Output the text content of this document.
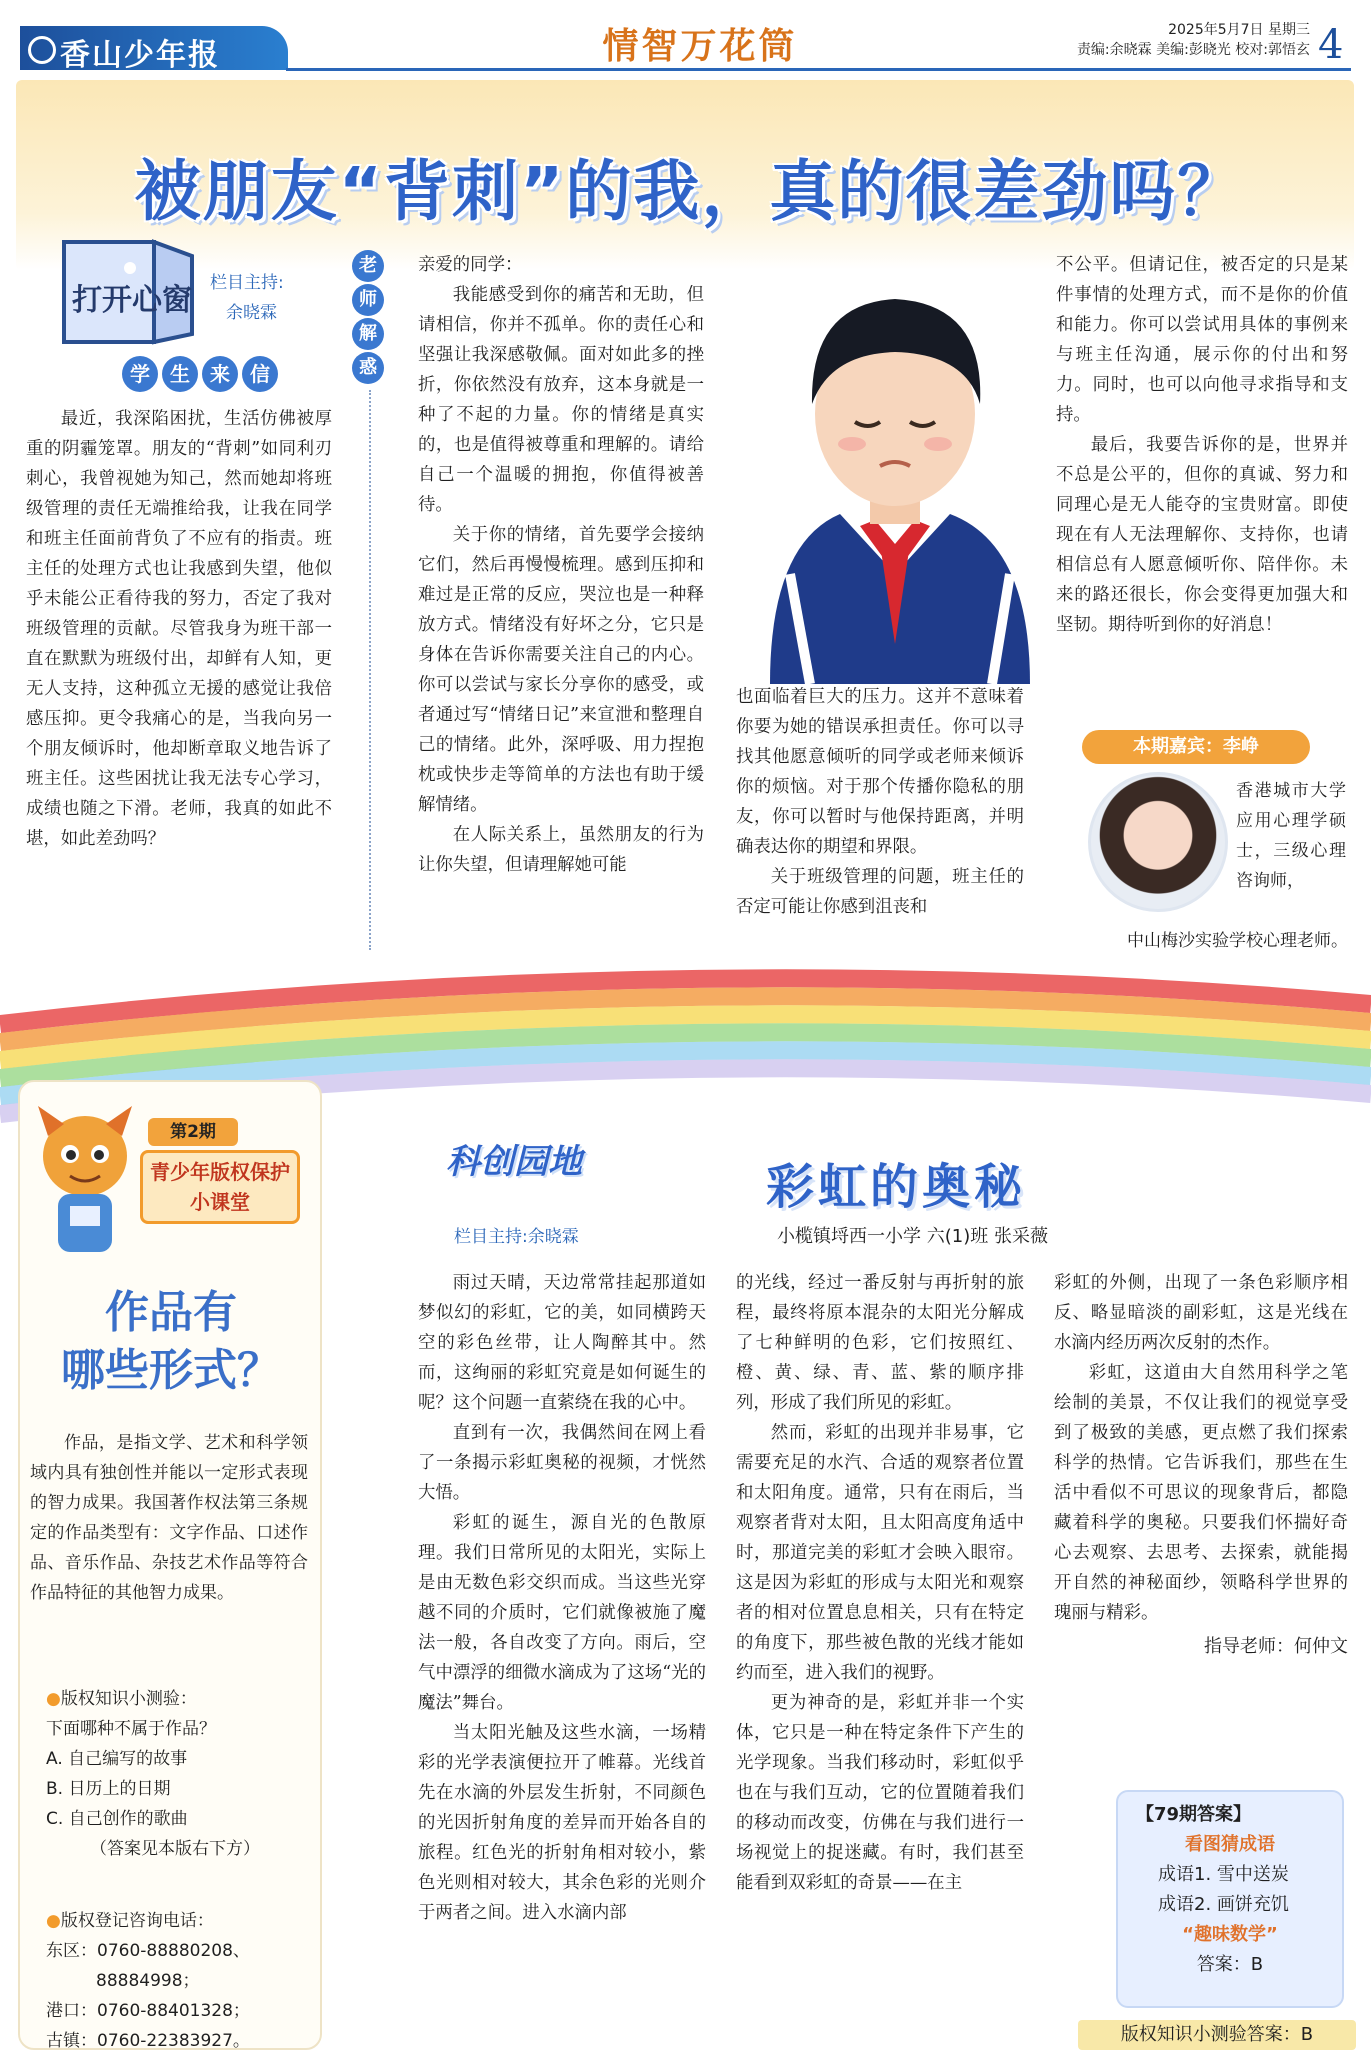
香山少年报	情智万花筒	2025年5月7日 星期三
责编:余晓霖 美编:彭晓光 校对:郭悟玄 4
被朋友“背刺”的我，真的很差劲吗？
打开心窗 栏目主持:
余晓霖
学 生 来 信

最近，我深陷困扰，生活仿佛被厚重的阴霾笼罩。朋友的“背刺”如同利刃刺心，我曾视她为知己，然而她却将班级管理的责任无端推给我，让我在同学和班主任面前背负了不应有的指责。班主任的处理方式也让我感到失望，他似乎未能公正看待我的努力，否定了我对班级管理的贡献。尽管我身为班干部一直在默默为班级付出，却鲜有人知，更无人支持，这种孤立无援的感觉让我倍感压抑。更令我痛心的是，当我向另一个朋友倾诉时，他却断章取义地告诉了班主任。这些困扰让我无法专心学习，成绩也随之下滑。老师，我真的如此不堪，如此差劲吗？

老
师
解
惑

亲爱的同学：

我能感受到你的痛苦和无助，但请相信，你并不孤单。你的责任心和坚强让我深感敬佩。面对如此多的挫折，你依然没有放弃，这本身就是一种了不起的力量。你的情绪是真实的，也是值得被尊重和理解的。请给自己一个温暖的拥抱，你值得被善待。

关于你的情绪，首先要学会接纳它们，然后再慢慢梳理。感到压抑和难过是正常的反应，哭泣也是一种释放方式。情绪没有好坏之分，它只是身体在告诉你需要关注自己的内心。你可以尝试与家长分享你的感受，或者通过写“情绪日记”来宣泄和整理自己的情绪。此外，深呼吸、用力捏抱枕或快步走等简单的方法也有助于缓解情绪。

在人际关系上，虽然朋友的行为让你失望，但请理解她可能

也面临着巨大的压力。这并不意味着你要为她的错误承担责任。你可以寻找其他愿意倾听的同学或老师来倾诉你的烦恼。对于那个传播你隐私的朋友，你可以暂时与他保持距离，并明确表达你的期望和界限。

关于班级管理的问题，班主任的否定可能让你感到沮丧和

不公平。但请记住，被否定的只是某件事情的处理方式，而不是你的价值和能力。你可以尝试用具体的事例来与班主任沟通，展示你的付出和努力。同时，也可以向他寻求指导和支持。

最后，我要告诉你的是，世界并不总是公平的，但你的真诚、努力和同理心是无人能夺的宝贵财富。即使现在有人无法理解你、支持你，也请相信总有人愿意倾听你、陪伴你。未来的路还很长，你会变得更加强大和坚韧。期待听到你的好消息！

本期嘉宾：李峥
香港城市大学应用心理学硕士，三级心理咨询师，
中山梅沙实验学校心理老师。
第2期
青少年版权保护小课堂
作品有
哪些形式？

作品，是指文学、艺术和科学领域内具有独创性并能以一定形式表现的智力成果。我国著作权法第三条规定的作品类型有：文字作品、口述作品、音乐作品、杂技艺术作品等符合作品特征的其他智力成果。

●版权知识小测验：
下面哪种不属于作品？
A. 自己编写的故事
B. 日历上的日期
C. 自己创作的歌曲
（答案见本版右下方）
●版权登记咨询电话：
东区：0760-88880208、
88884998；
港口：0760-88401328；
古镇：0760-22383927。
科创园地
栏目主持:余晓霖
彩虹的奥秘
小榄镇埒西一小学 六(1)班 张采薇

雨过天晴，天边常常挂起那道如梦似幻的彩虹，它的美，如同横跨天空的彩色丝带，让人陶醉其中。然而，这绚丽的彩虹究竟是如何诞生的呢？这个问题一直萦绕在我的心中。

直到有一次，我偶然间在网上看了一条揭示彩虹奥秘的视频，才恍然大悟。

彩虹的诞生，源自光的色散原理。我们日常所见的太阳光，实际上是由无数色彩交织而成。当这些光穿越不同的介质时，它们就像被施了魔法一般，各自改变了方向。雨后，空气中漂浮的细微水滴成为了这场“光的魔法”舞台。

当太阳光触及这些水滴，一场精彩的光学表演便拉开了帷幕。光线首先在水滴的外层发生折射，不同颜色的光因折射角度的差异而开始各自的旅程。红色光的折射角相对较小，紫色光则相对较大，其余色彩的光则介于两者之间。进入水滴内部

的光线，经过一番反射与再折射的旅程，最终将原本混杂的太阳光分解成了七种鲜明的色彩，它们按照红、橙、黄、绿、青、蓝、紫的顺序排列，形成了我们所见的彩虹。

然而，彩虹的出现并非易事，它需要充足的水汽、合适的观察者位置和太阳角度。通常，只有在雨后，当观察者背对太阳，且太阳高度角适中时，那道完美的彩虹才会映入眼帘。这是因为彩虹的形成与太阳光和观察者的相对位置息息相关，只有在特定的角度下，那些被色散的光线才能如约而至，进入我们的视野。

更为神奇的是，彩虹并非一个实体，它只是一种在特定条件下产生的光学现象。当我们移动时，彩虹似乎也在与我们互动，它的位置随着我们的移动而改变，仿佛在与我们进行一场视觉上的捉迷藏。有时，我们甚至能看到双彩虹的奇景——在主

彩虹的外侧，出现了一条色彩顺序相反、略显暗淡的副彩虹，这是光线在水滴内经历两次反射的杰作。

彩虹，这道由大自然用科学之笔绘制的美景，不仅让我们的视觉享受到了极致的美感，更点燃了我们探索科学的热情。它告诉我们，那些在生活中看似不可思议的现象背后，都隐藏着科学的奥秘。只要我们怀揣好奇心去观察、去思考、去探索，就能揭开自然的神秘面纱，领略科学世界的瑰丽与精彩。

指导老师：何仲文
【79期答案】
看图猜成语
成语1. 雪中送炭
成语2. 画饼充饥
“趣味数学”
答案：B
版权知识小测验答案：B
